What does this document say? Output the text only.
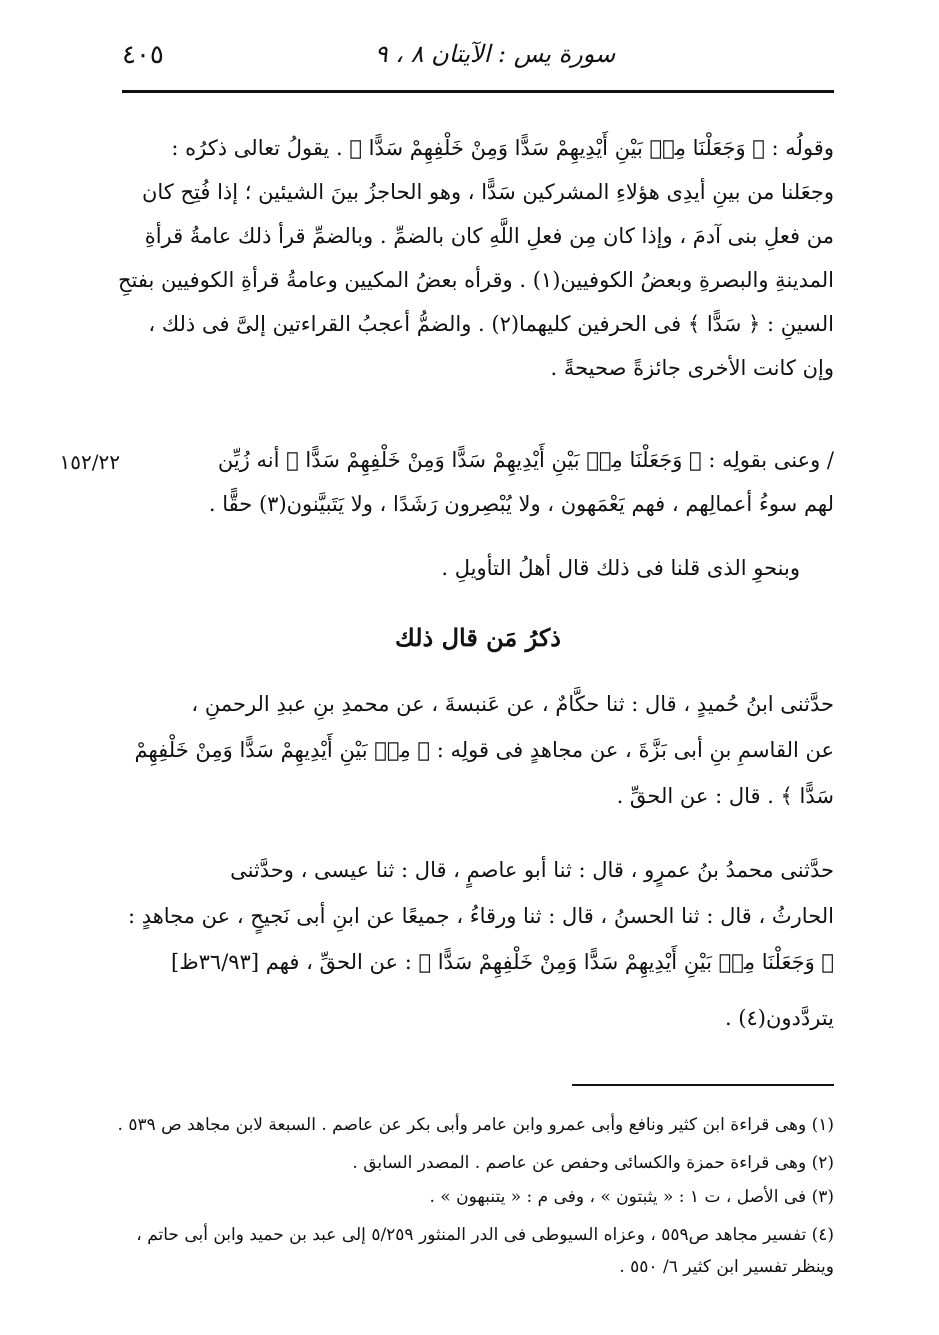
٤٠٥	سورة يس : الآيتان ٨ ، ٩
١٥٢/٢٢
وقولُه : ﴿ وَجَعَلْنَا مِنۢ بَيْنِ أَيْدِيهِمْ سَدًّا وَمِنْ خَلْفِهِمْ سَدًّا ﴾ . يقولُ تعالى ذكرُه :
وجعَلنا من بينِ أيدِى هؤلاءِ المشركين سَدًّا ، وهو الحاجزُ بينَ الشيئين ؛ إذا فُتِح كان
من فعلِ بنى آدمَ ، وإذا كان مِن فعلِ اللَّهِ كان بالضمِّ . وبالضمِّ قرأ ذلك عامةُ قرأةِ
المدينةِ والبصرةِ وبعضُ الكوفيين(١) . وقرأه بعضُ المكيين وعامةُ قرأةِ الكوفيين بفتحِ
السينِ : ﴿ سَدًّا ﴾ فى الحرفين كليهما(٢) . والضمُّ أعجبُ القراءتين إلىَّ فى ذلك ،
وإن كانت الأخرى جائزةً صحيحةً .
/ وعنى بقولِه : ﴿ وَجَعَلْنَا مِنۢ بَيْنِ أَيْدِيهِمْ سَدًّا وَمِنْ خَلْفِهِمْ سَدًّا ﴾ أنه زُيِّن
لهم سوءُ أعمالِهم ، فهم يَعْمَهون ، ولا يُبْصِرون رَشَدًا ، ولا يَتَبيَّنون(٣) حقًّا .
وبنحوِ الذى قلنا فى ذلك قال أهلُ التأويلِ .
ذكرُ مَن قال ذلك
حدَّثنى ابنُ حُميدٍ ، قال : ثنا حكَّامٌ ، عن عَنبسةَ ، عن محمدِ بنِ عبدِ الرحمنِ ،
عن القاسمِ بنِ أبى بَزَّةَ ، عن مجاهدٍ فى قولِه : ﴿ مِنۢ بَيْنِ أَيْدِيهِمْ سَدًّا وَمِنْ خَلْفِهِمْ
سَدًّا ﴾ . قال : عن الحقِّ .
حدَّثنى محمدُ بنُ عمرٍو ، قال : ثنا أبو عاصمٍ ، قال : ثنا عيسى ، وحدَّثنى
الحارثُ ، قال : ثنا الحسنُ ، قال : ثنا ورقاءُ ، جميعًا عن ابنِ أبى نَجيحٍ ، عن مجاهدٍ :
﴿ وَجَعَلْنَا مِنۢ بَيْنِ أَيْدِيهِمْ سَدًّا وَمِنْ خَلْفِهِمْ سَدًّا ﴾ : عن الحقِّ ، فهم [٣٦/٩٣ظ]
يتردَّدون(٤) .
(١) وهى قراءة ابن كثير ونافع وأبى عمرو وابن عامر وأبى بكر عن عاصم . السبعة لابن مجاهد ص ٥٣٩ .
(٢) وهى قراءة حمزة والكسائى وحفص عن عاصم . المصدر السابق .
(٣) فى الأصل ، ت ١ : « يثبتون » ، وفى م : « يتنبهون » .
(٤) تفسير مجاهد ص٥٥٩ ، وعزاه السيوطى فى الدر المنثور ٥/٢٥٩ إلى عبد بن حميد وابن أبى حاتم ،
وينظر تفسير ابن كثير ٦/ ٥٥٠ .
